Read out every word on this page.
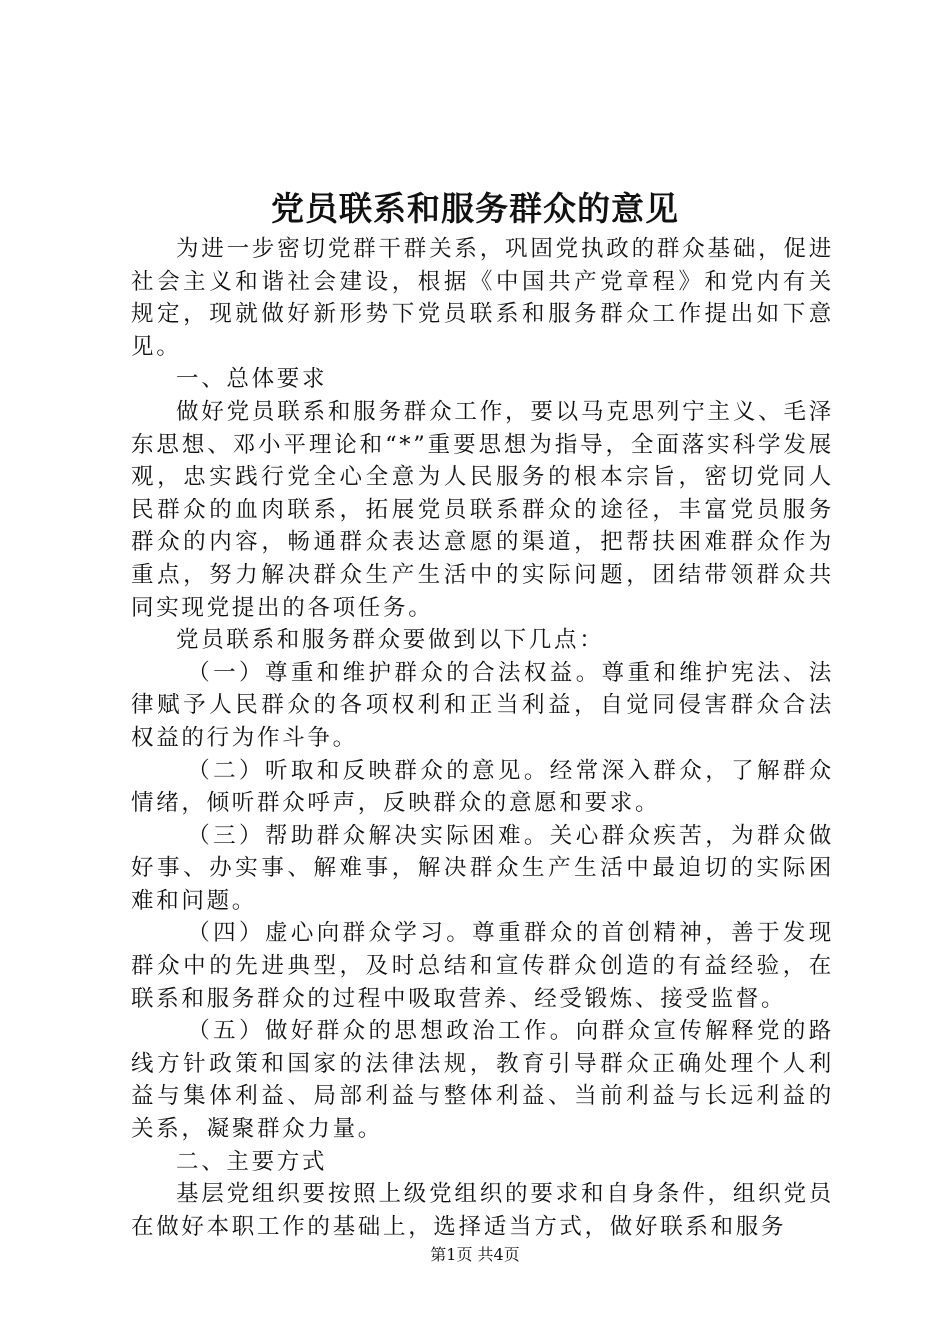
党员联系和服务群众的意见

为进一步密切党群干群关系，巩固党执政的群众基础，促进社会主义和谐社会建设，根据《中国共产党章程》和党内有关规定，现就做好新形势下党员联系和服务群众工作提出如下意见。

一、总体要求

做好党员联系和服务群众工作，要以马克思列宁主义、毛泽东思想、邓小平理论和“*”重要思想为指导，全面落实科学发展观，忠实践行党全心全意为人民服务的根本宗旨，密切党同人民群众的血肉联系，拓展党员联系群众的途径，丰富党员服务群众的内容，畅通群众表达意愿的渠道，把帮扶困难群众作为重点，努力解决群众生产生活中的实际问题，团结带领群众共同实现党提出的各项任务。

党员联系和服务群众要做到以下几点：

（一）尊重和维护群众的合法权益。尊重和维护宪法、法律赋予人民群众的各项权利和正当利益，自觉同侵害群众合法权益的行为作斗争。

（二）听取和反映群众的意见。经常深入群众，了解群众情绪，倾听群众呼声，反映群众的意愿和要求。

（三）帮助群众解决实际困难。关心群众疾苦，为群众做好事、办实事、解难事，解决群众生产生活中最迫切的实际困难和问题。

（四）虚心向群众学习。尊重群众的首创精神，善于发现群众中的先进典型，及时总结和宣传群众创造的有益经验，在联系和服务群众的过程中吸取营养、经受锻炼、接受监督。

（五）做好群众的思想政治工作。向群众宣传解释党的路线方针政策和国家的法律法规，教育引导群众正确处理个人利益与集体利益、局部利益与整体利益、当前利益与长远利益的关系，凝聚群众力量。

二、主要方式

基层党组织要按照上级党组织的要求和自身条件，组织党员在做好本职工作的基础上，选择适当方式，做好联系和服务

第1页 共4页
